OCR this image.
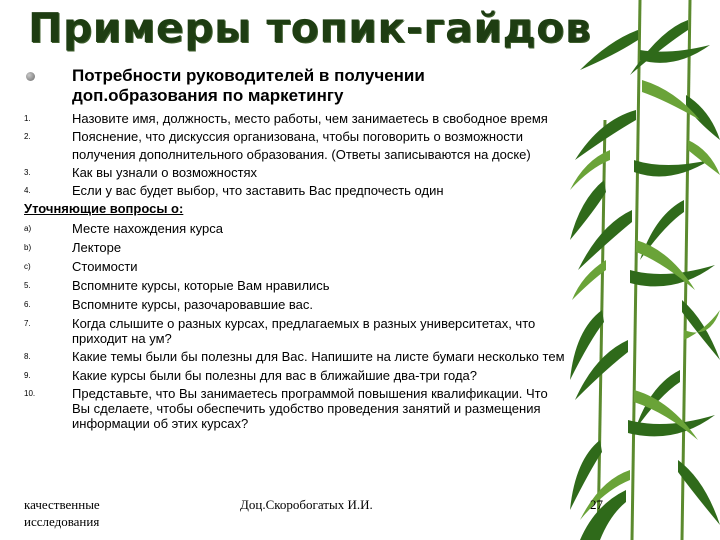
Примеры топик-гайдов
Потребности руководителей в получении
доп.образования по маркетингу
1.	Назовите имя, должность, место работы, чем занимаетесь в свободное время
2.	Пояснение, что дискуссия организована, чтобы поговорить о возможности
получения дополнительного образования. (Ответы записываются на доске)
3.	Как вы узнали о возможностях
4.	Если у вас будет выбор, что заставить Вас предпочесть один
Уточняющие вопросы о:
a)	Месте нахождения курса
b)	Лекторе
c)	Стоимости
5.	Вспомните курсы, которые Вам нравились
6.	Вспомните курсы, разочаровавшие вас.
7.	Когда слышите о разных курсах, предлагаемых в разных университетах, что
приходит на ум?
8.	Какие темы были бы полезны для Вас. Напишите на листе бумаги несколько тем
9.	Какие курсы были бы полезны для вас в ближайшие два-три года?
10.	Представьте, что Вы занимаетесь программой повышения квалификации. Что
Вы сделаете, чтобы обеспечить удобство проведения занятий и размещения
информации об этих курсах?
качественные
исследования
Доц.Скоробогатых И.И.	27
